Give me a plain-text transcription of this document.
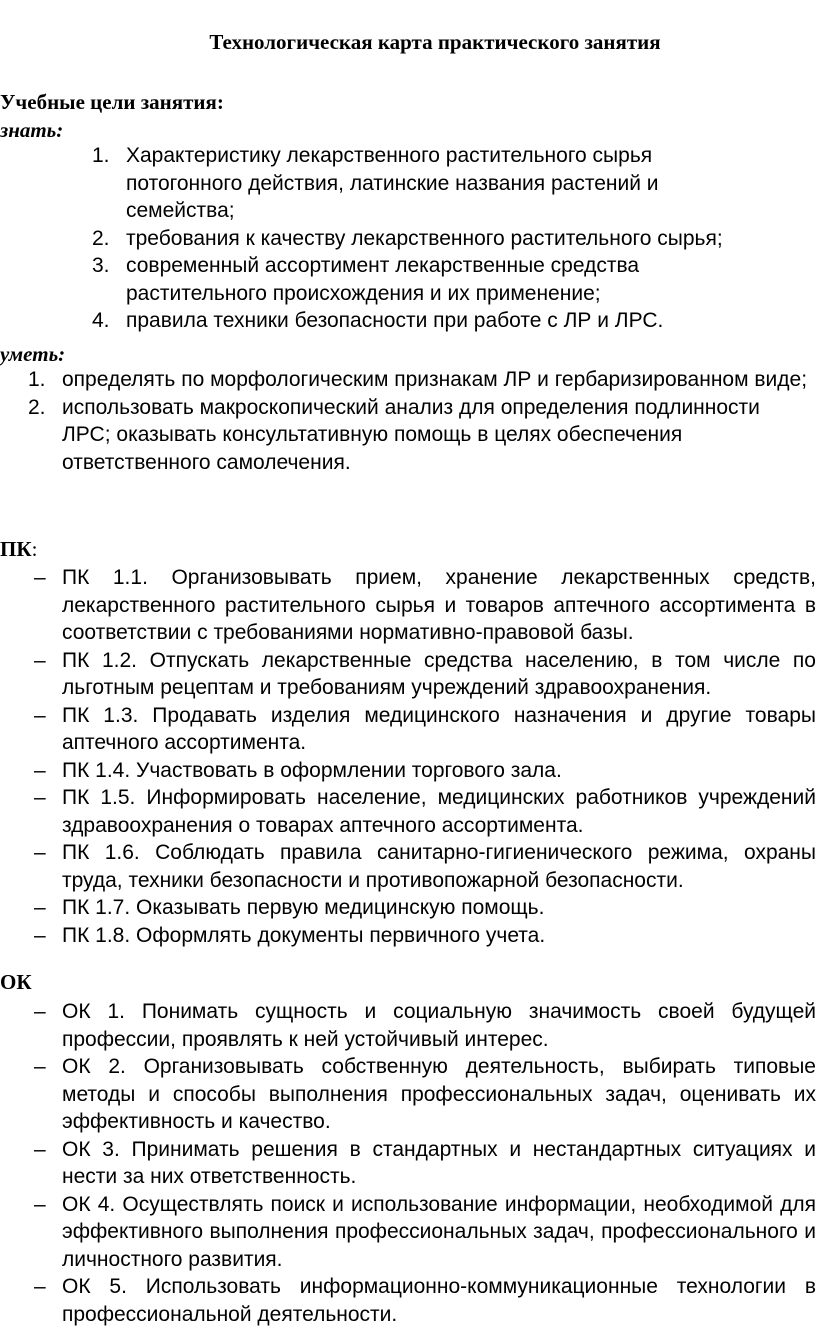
Технологическая карта практического занятия
Учебные цели занятия:
знать:
1. Характеристику лекарственного растительного сырья потогонного действия, латинские названия растений и семейства;
2. требования к качеству лекарственного растительного сырья;
3. современный ассортимент лекарственные средства растительного происхождения и их применение;
4. правила техники безопасности при работе с ЛР и ЛРС.
уметь:
1. определять по морфологическим признакам ЛР и гербаризированном виде;
2. использовать макроскопический анализ для определения подлинности ЛРС; оказывать консультативную помощь в целях обеспечения ответственного самолечения.
ПК:
– ПК 1.1. Организовывать прием, хранение лекарственных средств, лекарственного растительного сырья и товаров аптечного ассортимента в соответствии с требованиями нормативно-правовой базы.
– ПК 1.2. Отпускать лекарственные средства населению, в том числе по льготным рецептам и требованиям учреждений здравоохранения.
– ПК 1.3. Продавать изделия медицинского назначения и другие товары аптечного ассортимента.
– ПК 1.4. Участвовать в оформлении торгового зала.
– ПК 1.5. Информировать население, медицинских работников учреждений здравоохранения о товарах аптечного ассортимента.
– ПК 1.6. Соблюдать правила санитарно-гигиенического режима, охраны труда, техники безопасности и противопожарной безопасности.
– ПК 1.7. Оказывать первую медицинскую помощь.
– ПК 1.8. Оформлять документы первичного учета.
ОК
– ОК 1. Понимать сущность и социальную значимость своей будущей профессии, проявлять к ней устойчивый интерес.
– ОК 2. Организовывать собственную деятельность, выбирать типовые методы и способы выполнения профессиональных задач, оценивать их эффективность и качество.
– ОК 3. Принимать решения в стандартных и нестандартных ситуациях и нести за них ответственность.
– ОК 4. Осуществлять поиск и использование информации, необходимой для эффективного выполнения профессиональных задач, профессионального и личностного развития.
– ОК 5. Использовать информационно-коммуникационные технологии в профессиональной деятельности.
